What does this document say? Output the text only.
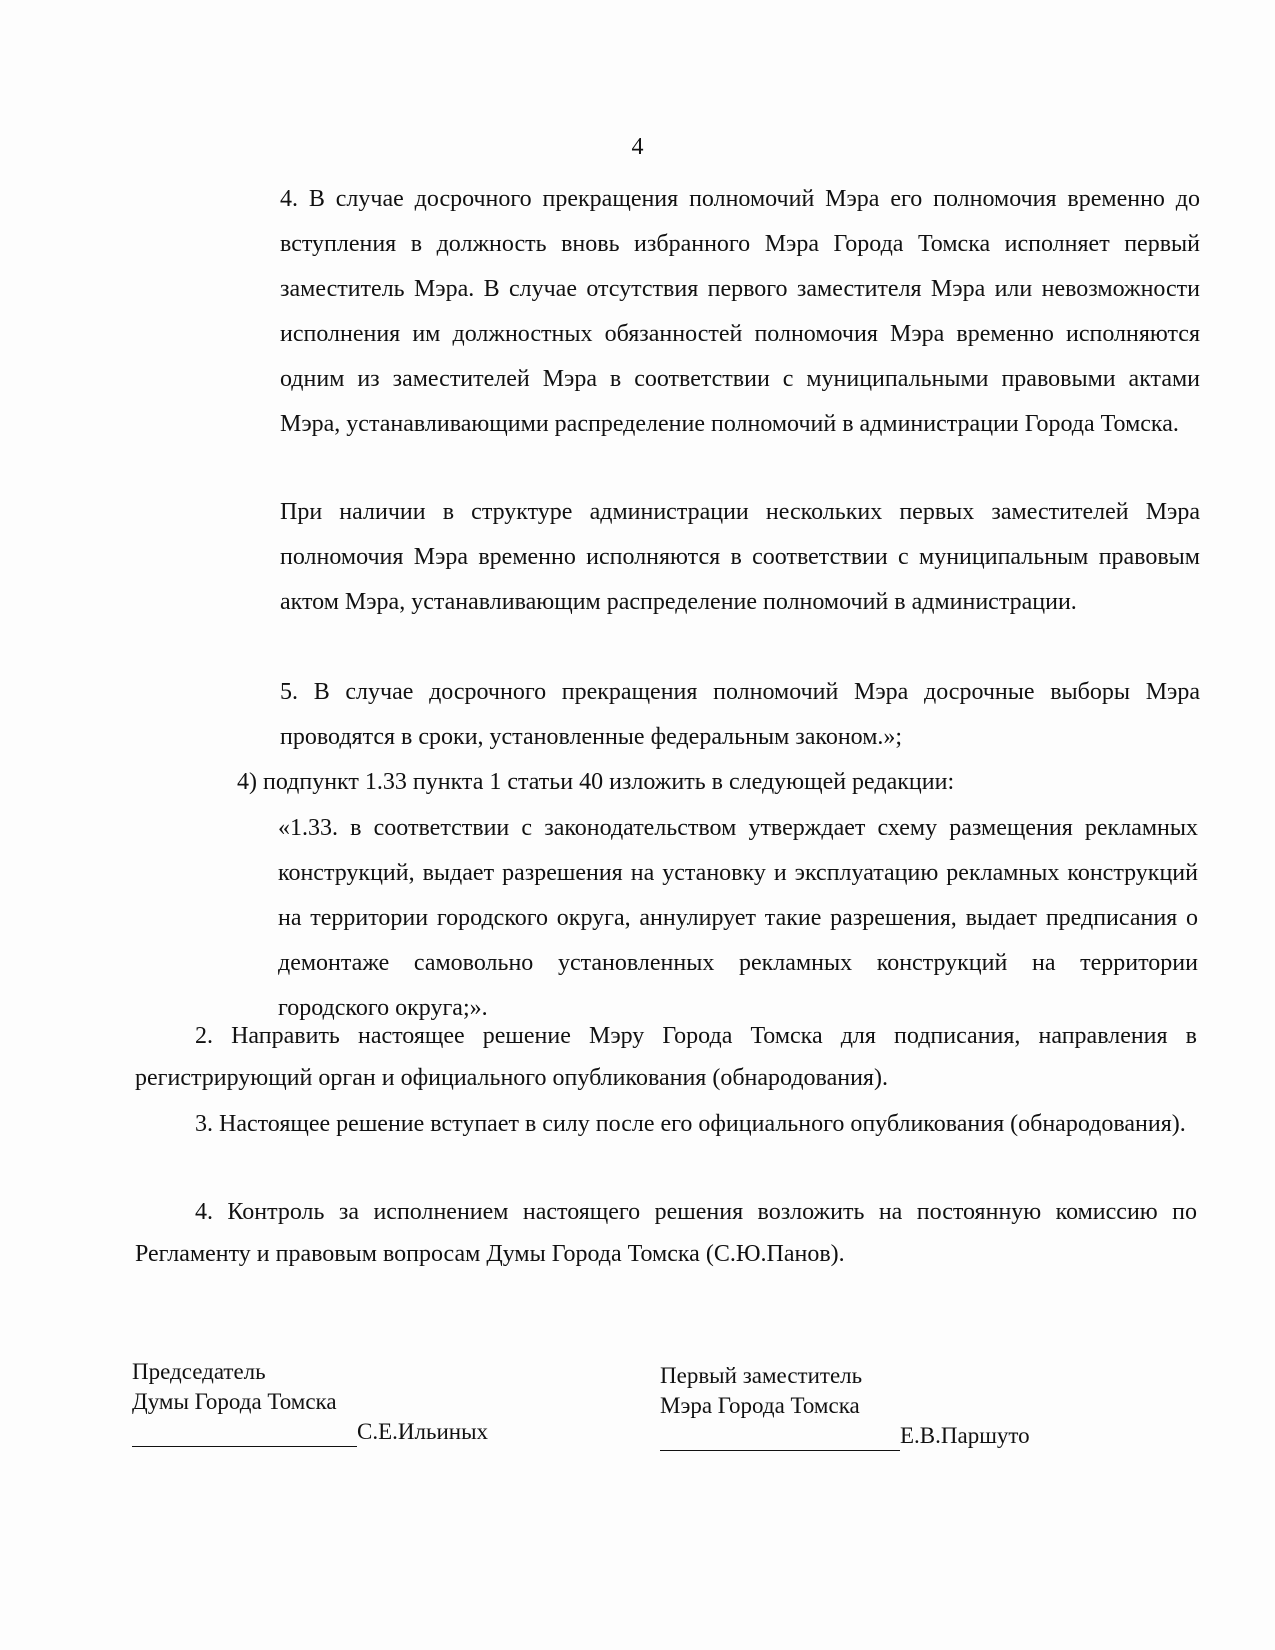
4

4. В случае досрочного прекращения полномочий Мэра его полномочия временно до вступления в должность вновь избранного Мэра Города Томска исполняет первый заместитель Мэра. В случае отсутствия первого заместителя Мэра или невозможности исполнения им должностных обязанностей полномочия Мэра временно исполняются одним из заместителей Мэра в соответствии с муниципальными правовыми актами Мэра, устанавливающими распределение полномочий в администрации Города Томска.

При наличии в структуре администрации нескольких первых заместителей Мэра полномочия Мэра временно исполняются в соответствии с муниципальным правовым актом Мэра, устанавливающим распределение полномочий в администрации.

5. В случае досрочного прекращения полномочий Мэра досрочные выборы Мэра проводятся в сроки, установленные федеральным законом.»;

4) подпункт 1.33 пункта 1 статьи 40 изложить в следующей редакции:

«1.33. в соответствии с законодательством утверждает схему размещения рекламных конструкций, выдает разрешения на установку и эксплуатацию рекламных конструкций на территории городского округа, аннулирует такие разрешения, выдает предписания о демонтаже самовольно установленных рекламных конструкций на территории городского округа;».

2. Направить настоящее решение Мэру Города Томска для подписания, направления в регистрирующий орган и официального опубликования (обнародования).

3. Настоящее решение вступает в силу после его официального опубликования (обнародования).

4. Контроль за исполнением настоящего решения возложить на постоянную комиссию по Регламенту и правовым вопросам Думы Города Томска (С.Ю.Панов).

Председатель
Думы Города Томска
С.Е.Ильиных
Первый заместитель
Мэра Города Томска
Е.В.Паршуто
